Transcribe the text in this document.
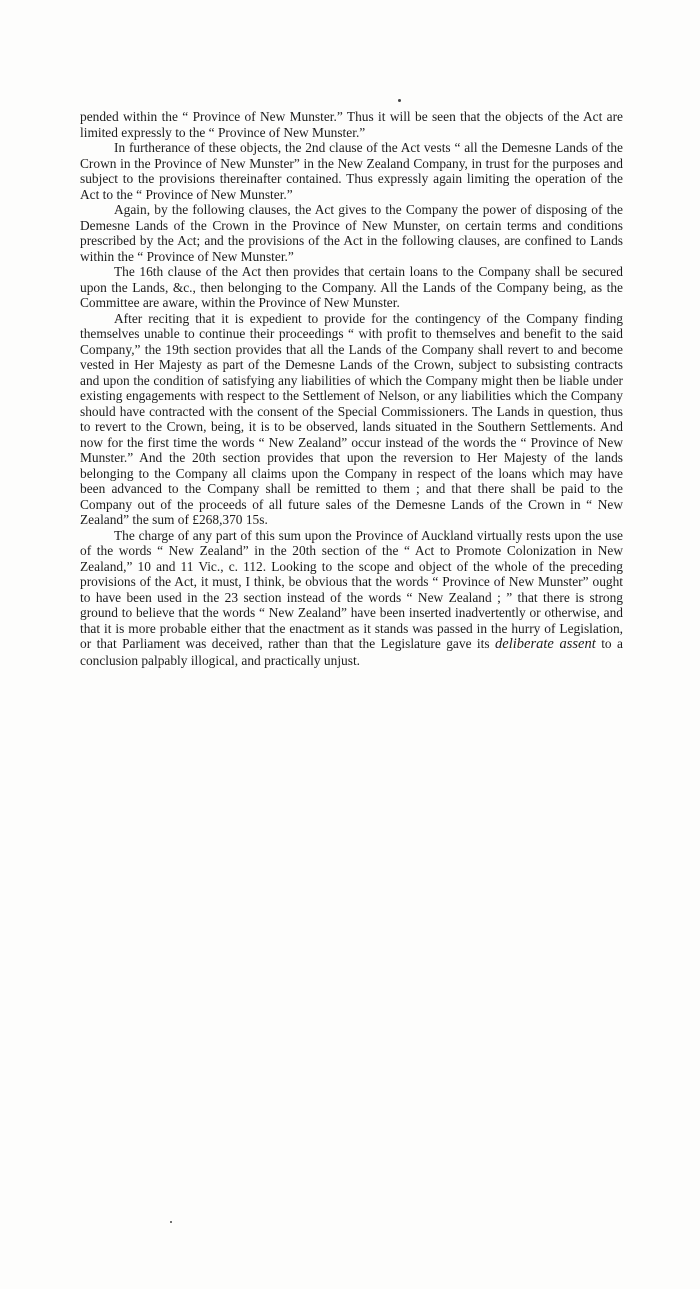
pended within the “ Province of New Munster.” Thus it will be seen that the objects of the Act are limited expressly to the “ Province of New Munster.”

In furtherance of these objects, the 2nd clause of the Act vests “ all the Demesne Lands of the Crown in the Province of New Munster” in the New Zealand Company, in trust for the purposes and subject to the provisions thereinafter contained. Thus expressly again limiting the operation of the Act to the “ Province of New Munster.”

Again, by the following clauses, the Act gives to the Company the power of disposing of the Demesne Lands of the Crown in the Province of New Munster, on certain terms and conditions prescribed by the Act; and the provisions of the Act in the following clauses, are confined to Lands within the “ Province of New Munster.”

The 16th clause of the Act then provides that certain loans to the Company shall be secured upon the Lands, &c., then belonging to the Company. All the Lands of the Company being, as the Committee are aware, within the Province of New Munster.

After reciting that it is expedient to provide for the contingency of the Company finding themselves unable to continue their proceedings “ with profit to themselves and benefit to the said Company,” the 19th section provides that all the Lands of the Company shall revert to and become vested in Her Majesty as part of the Demesne Lands of the Crown, subject to subsisting contracts and upon the condition of satisfying any liabilities of which the Company might then be liable under existing engagements with respect to the Settlement of Nelson, or any liabilities which the Company should have contracted with the consent of the Special Commissioners. The Lands in question, thus to revert to the Crown, being, it is to be observed, lands situated in the Southern Settlements. And now for the first time the words “ New Zealand” occur instead of the words the “ Province of New Munster.” And the 20th section provides that upon the reversion to Her Majesty of the lands belonging to the Company all claims upon the Company in respect of the loans which may have been advanced to the Company shall be remitted to them ; and that there shall be paid to the Company out of the proceeds of all future sales of the Demesne Lands of the Crown in “ New Zealand” the sum of £268,370 15s.

The charge of any part of this sum upon the Province of Auckland virtually rests upon the use of the words “ New Zealand” in the 20th section of the “ Act to Promote Colonization in New Zealand,” 10 and 11 Vic., c. 112. Looking to the scope and object of the whole of the preceding provisions of the Act, it must, I think, be obvious that the words “ Province of New Munster” ought to have been used in the 23 section instead of the words “ New Zealand ; ” that there is strong ground to believe that the words “ New Zealand” have been inserted inadvertently or otherwise, and that it is more probable either that the enactment as it stands was passed in the hurry of Legislation, or that Parliament was deceived, rather than that the Legislature gave its deliberate assent to a conclusion palpably illogical, and practically unjust.
